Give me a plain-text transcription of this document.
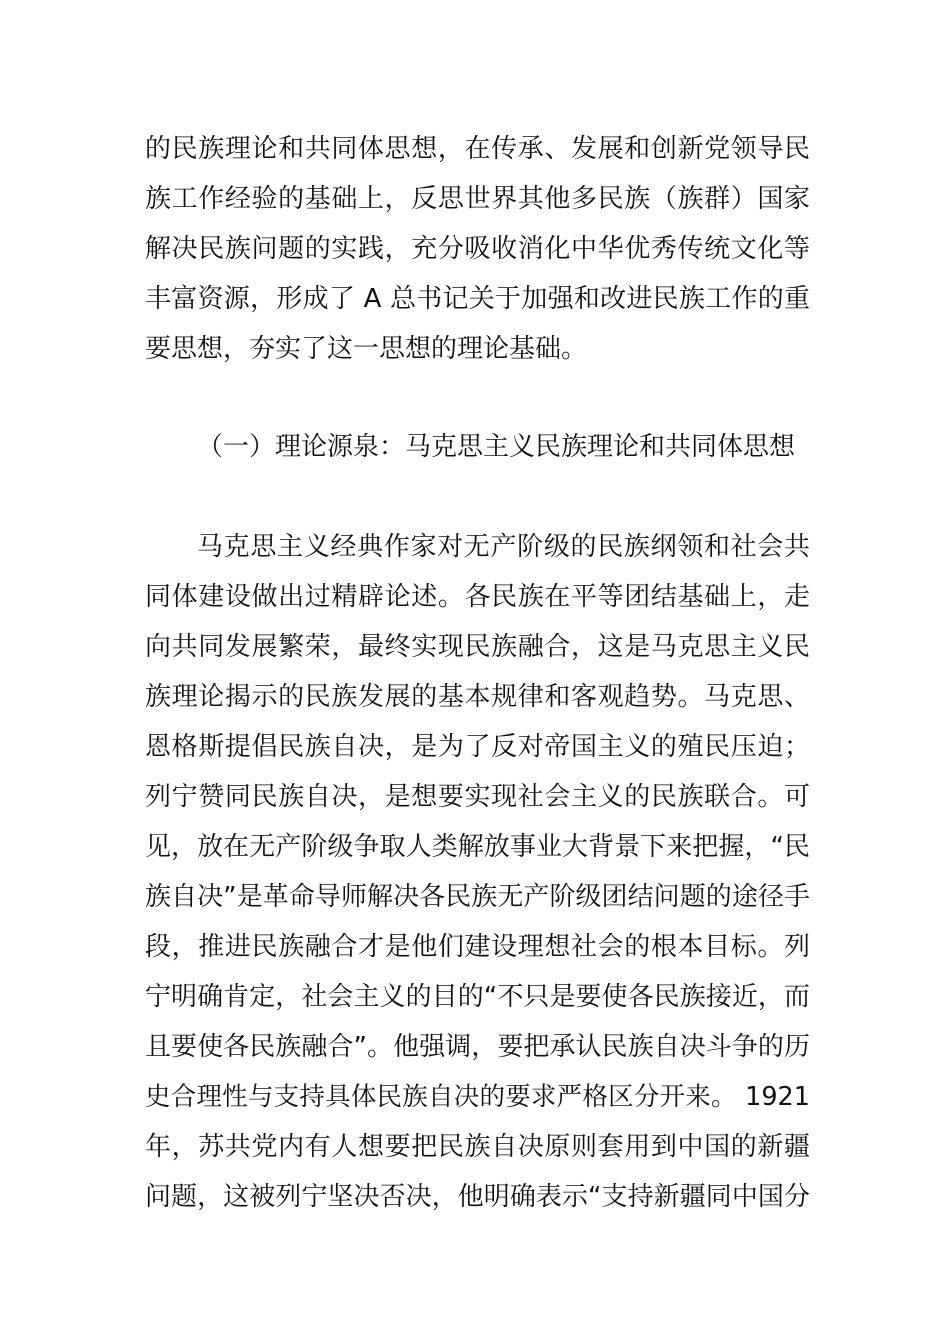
的民族理论和共同体思想，在传承、发展和创新党领导民
族工作经验的基础上，反思世界其他多民族（族群）国家
解决民族问题的实践，充分吸收消化中华优秀传统文化等
丰富资源，形成了 A 总书记关于加强和改进民族工作的重
要思想，夯实了这一思想的理论基础。
（一）理论源泉：马克思主义民族理论和共同体思想
马克思主义经典作家对无产阶级的民族纲领和社会共
同体建设做出过精辟论述。各民族在平等团结基础上，走
向共同发展繁荣，最终实现民族融合，这是马克思主义民
族理论揭示的民族发展的基本规律和客观趋势。马克思、
恩格斯提倡民族自决，是为了反对帝国主义的殖民压迫；
列宁赞同民族自决，是想要实现社会主义的民族联合。可
见，放在无产阶级争取人类解放事业大背景下来把握，“民
族自决”是革命导师解决各民族无产阶级团结问题的途径手
段，推进民族融合才是他们建设理想社会的根本目标。列
宁明确肯定，社会主义的目的“不只是要使各民族接近，而
且要使各民族融合”。他强调，要把承认民族自决斗争的历
史合理性与支持具体民族自决的要求严格区分开来。 1921
年，苏共党内有人想要把民族自决原则套用到中国的新疆
问题，这被列宁坚决否决，他明确表示“支持新疆同中国分
